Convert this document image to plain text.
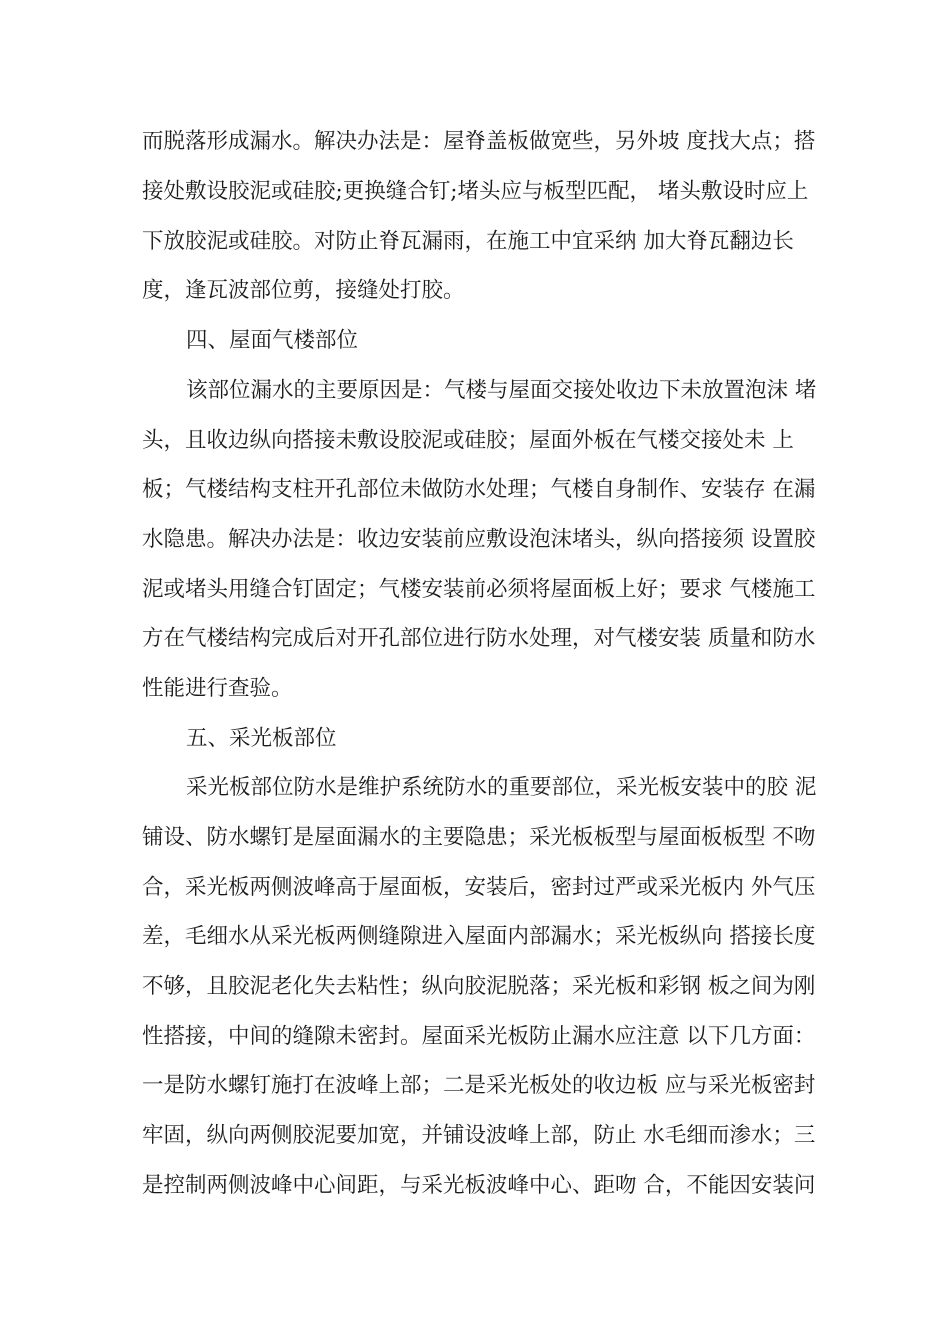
而脱落形成漏水。解决办法是：屋脊盖板做宽些，另外坡 度找大点；搭
接处敷设胶泥或硅胶;更换缝合钉;堵头应与板型匹配， 堵头敷设时应上
下放胶泥或硅胶。对防止脊瓦漏雨，在施工中宜采纳 加大脊瓦翻边长
度，逢瓦波部位剪，接缝处打胶。
四、屋面气楼部位
该部位漏水的主要原因是：气楼与屋面交接处收边下未放置泡沫 堵
头，且收边纵向搭接未敷设胶泥或硅胶；屋面外板在气楼交接处未 上
板；气楼结构支柱开孔部位未做防水处理；气楼自身制作、安装存 在漏
水隐患。解决办法是：收边安装前应敷设泡沫堵头，纵向搭接须 设置胶
泥或堵头用缝合钉固定；气楼安装前必须将屋面板上好；要求 气楼施工
方在气楼结构完成后对开孔部位进行防水处理，对气楼安装 质量和防水
性能进行查验。
五、采光板部位
采光板部位防水是维护系统防水的重要部位，采光板安装中的胶 泥
铺设、防水螺钉是屋面漏水的主要隐患；采光板板型与屋面板板型 不吻
合，采光板两侧波峰高于屋面板，安装后，密封过严或采光板内 外气压
差，毛细水从采光板两侧缝隙进入屋面内部漏水；采光板纵向 搭接长度
不够，且胶泥老化失去粘性；纵向胶泥脱落；采光板和彩钢 板之间为刚
性搭接，中间的缝隙未密封。屋面采光板防止漏水应注意 以下几方面：
一是防水螺钉施打在波峰上部；二是采光板处的收边板 应与采光板密封
牢固，纵向两侧胶泥要加宽，并铺设波峰上部，防止 水毛细而渗水；三
是控制两侧波峰中心间距，与采光板波峰中心、距吻 合，不能因安装问
